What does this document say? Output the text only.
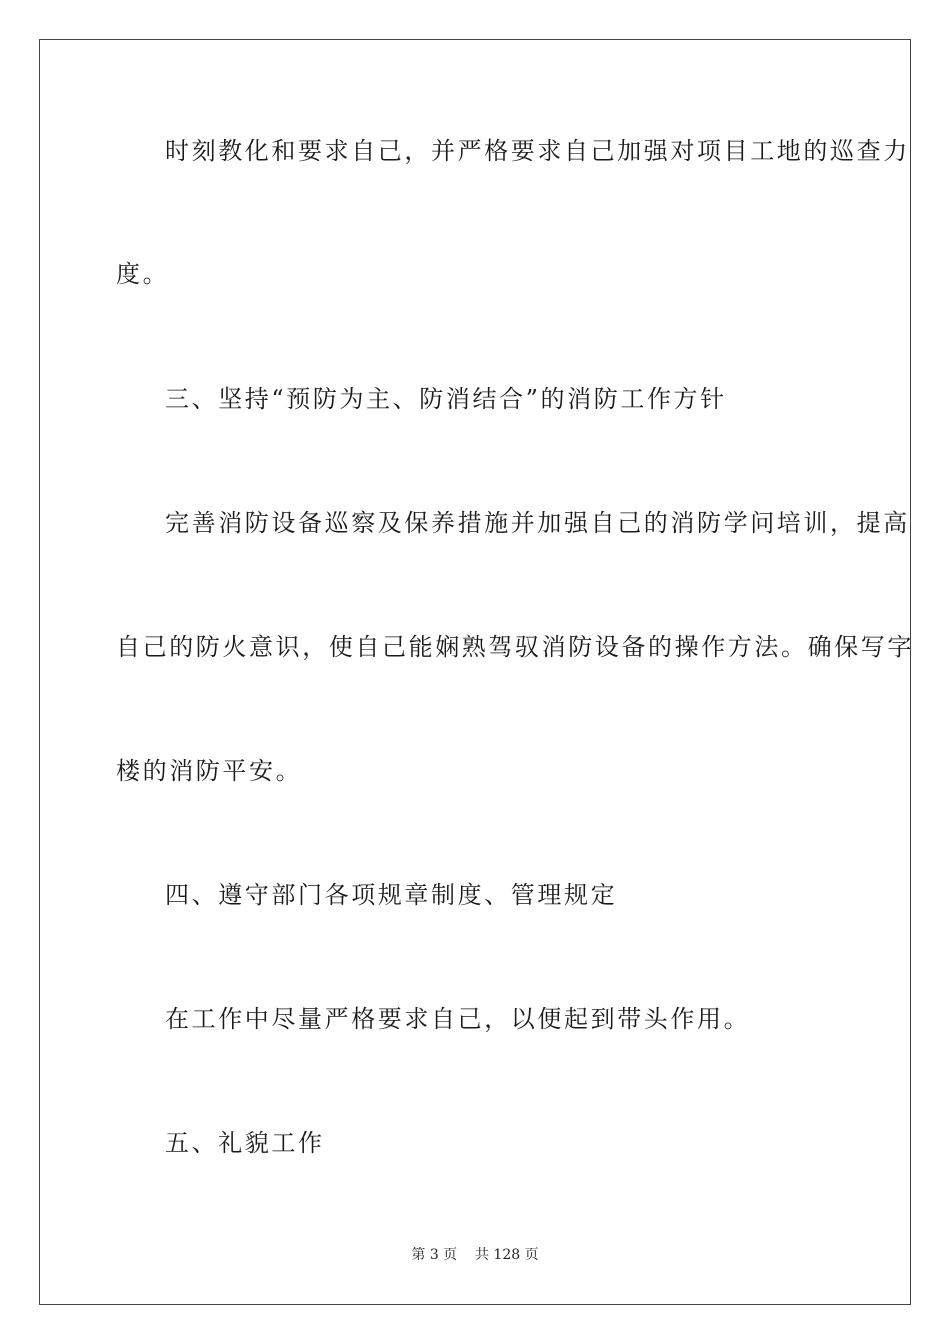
时刻教化和要求自己，并严格要求自己加强对项目工地的巡查力
度。
三、坚持“预防为主、防消结合”的消防工作方针
完善消防设备巡察及保养措施并加强自己的消防学问培训，提高
自己的防火意识，使自己能娴熟驾驭消防设备的操作方法。确保写字
楼的消防平安。
四、遵守部门各项规章制度、管理规定
在工作中尽量严格要求自己，以便起到带头作用。
五、礼貌工作
第 3 页    共 128 页
